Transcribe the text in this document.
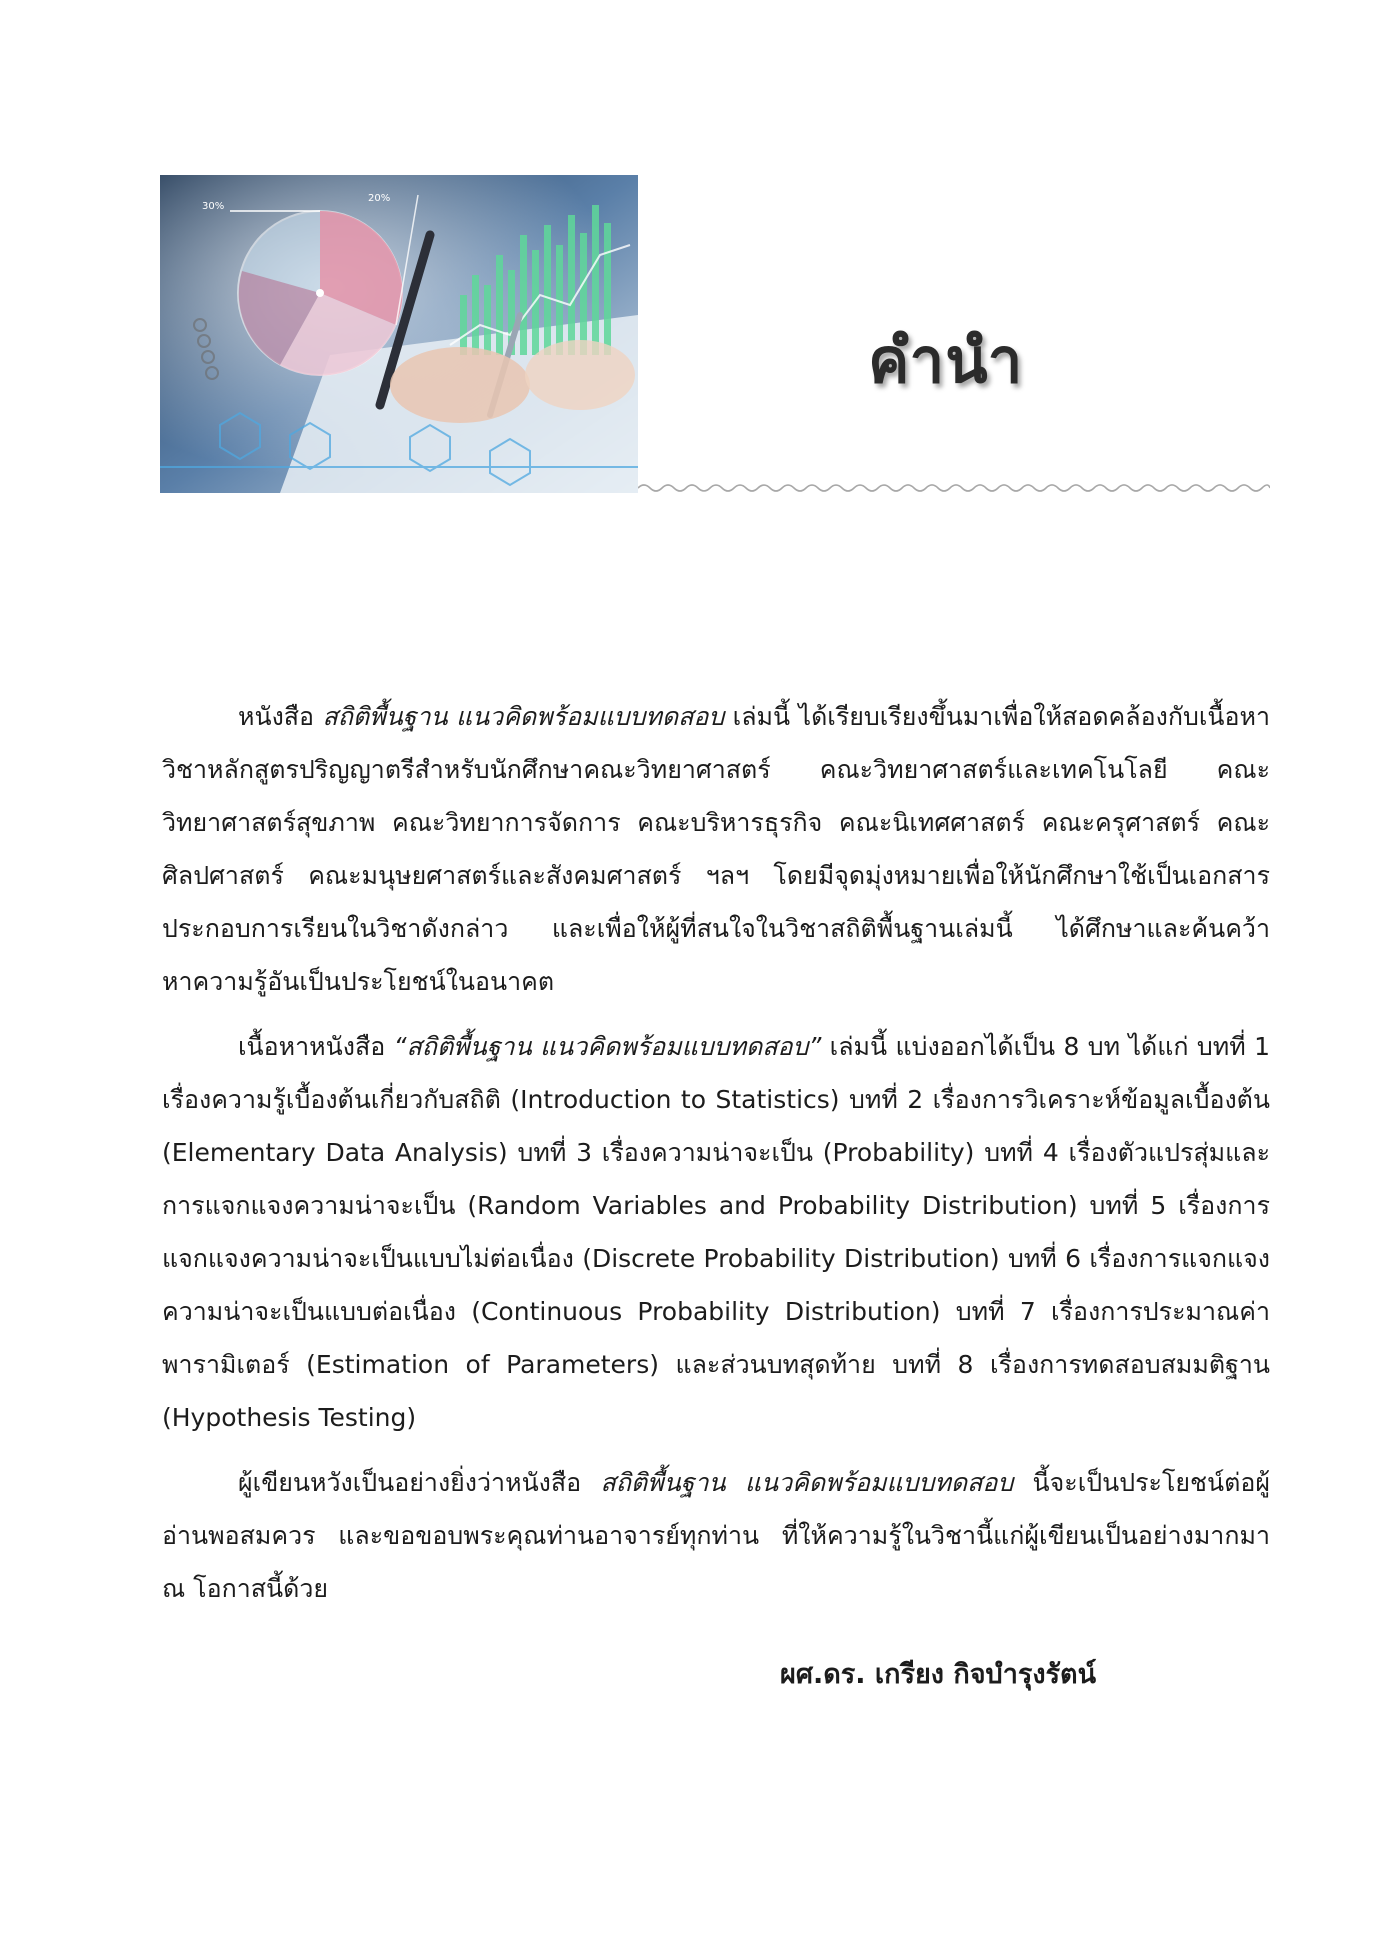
30%
20%
คำนำ

หนังสือ สถิติพื้นฐาน แนวคิดพร้อมแบบทดสอบ เล่มนี้ ได้เรียบเรียงขึ้นมาเพื่อให้สอดคล้องกับเนื้อหาวิชาหลักสูตรปริญญาตรีสำหรับนักศึกษาคณะวิทยาศาสตร์ คณะวิทยาศาสตร์และเทคโนโลยี คณะวิทยาศาสตร์สุขภาพ คณะวิทยาการจัดการ คณะบริหารธุรกิจ คณะนิเทศศาสตร์ คณะครุศาสตร์ คณะศิลปศาสตร์ คณะมนุษยศาสตร์และสังคมศาสตร์ ฯลฯ โดยมีจุดมุ่งหมายเพื่อให้นักศึกษาใช้เป็นเอกสารประกอบการเรียนในวิชาดังกล่าว และเพื่อให้ผู้ที่สนใจในวิชาสถิติพื้นฐานเล่มนี้ ได้ศึกษาและค้นคว้าหาความรู้อันเป็นประโยชน์ในอนาคต

เนื้อหาหนังสือ “สถิติพื้นฐาน แนวคิดพร้อมแบบทดสอบ” เล่มนี้ แบ่งออกได้เป็น 8 บท ได้แก่ บทที่ 1 เรื่องความรู้เบื้องต้นเกี่ยวกับสถิติ (Introduction to Statistics) บทที่ 2 เรื่องการวิเคราะห์ข้อมูลเบื้องต้น (Elementary Data Analysis) บทที่ 3 เรื่องความน่าจะเป็น (Probability) บทที่ 4 เรื่องตัวแปรสุ่มและการแจกแจงความน่าจะเป็น (Random Variables and Probability Distribution) บทที่ 5 เรื่องการแจกแจงความน่าจะเป็นแบบไม่ต่อเนื่อง (Discrete Probability Distribution) บทที่ 6 เรื่องการแจกแจงความน่าจะเป็นแบบต่อเนื่อง (Continuous Probability Distribution) บทที่ 7 เรื่องการประมาณค่าพารามิเตอร์ (Estimation of Parameters) และส่วนบทสุดท้าย บทที่ 8 เรื่องการทดสอบสมมติฐาน (Hypothesis Testing)

ผู้เขียนหวังเป็นอย่างยิ่งว่าหนังสือ สถิติพื้นฐาน แนวคิดพร้อมแบบทดสอบ นี้จะเป็นประโยชน์ต่อผู้อ่านพอสมควร และขอขอบพระคุณท่านอาจารย์ทุกท่าน ที่ให้ความรู้ในวิชานี้แก่ผู้เขียนเป็นอย่างมากมา ณ โอกาสนี้ด้วย

ผศ.ดร. เกรียง กิจบำรุงรัตน์
